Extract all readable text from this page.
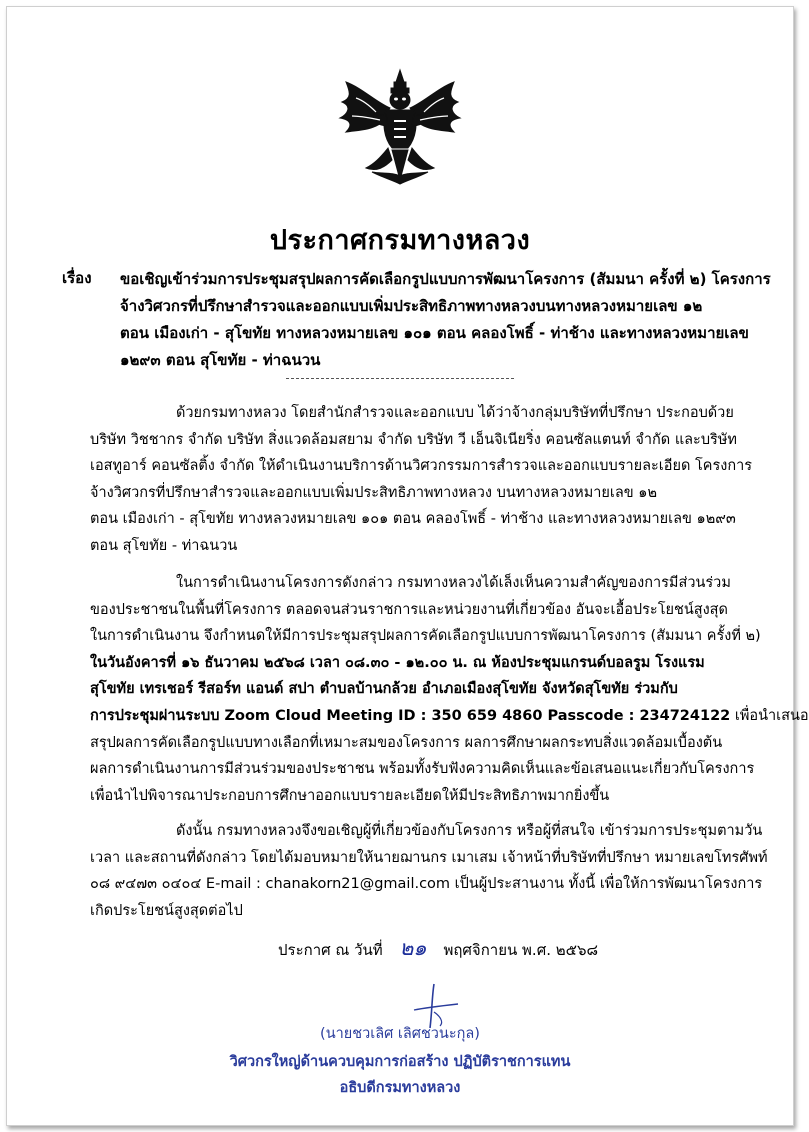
ประกาศกรมทางหลวง
เรื่อง ขอเชิญเข้าร่วมการประชุมสรุปผลการคัดเลือกรูปแบบการพัฒนาโครงการ (สัมมนา ครั้งที่ ๒) โครงการ
จ้างวิศวกรที่ปรึกษาสำรวจและออกแบบเพิ่มประสิทธิภาพทางหลวงบนทางหลวงหมายเลข ๑๒
ตอน เมืองเก่า - สุโขทัย ทางหลวงหมายเลข ๑๐๑ ตอน คลองโพธิ์ - ท่าช้าง และทางหลวงหมายเลข
๑๒๙๓ ตอน สุโขทัย - ท่าฉนวน
ด้วยกรมทางหลวง โดยสำนักสำรวจและออกแบบ ได้ว่าจ้างกลุ่มบริษัทที่ปรึกษา ประกอบด้วย
บริษัท วิชชากร จำกัด บริษัท สิ่งแวดล้อมสยาม จำกัด บริษัท วี เอ็นจิเนียริ่ง คอนซัลแตนท์ จำกัด และบริษัท
เอสทูอาร์ คอนซัลติ้ง จำกัด ให้ดำเนินงานบริการด้านวิศวกรรมการสำรวจและออกแบบรายละเอียด โครงการ
จ้างวิศวกรที่ปรึกษาสำรวจและออกแบบเพิ่มประสิทธิภาพทางหลวง บนทางหลวงหมายเลข ๑๒
ตอน เมืองเก่า - สุโขทัย ทางหลวงหมายเลข ๑๐๑ ตอน คลองโพธิ์ - ท่าช้าง และทางหลวงหมายเลข ๑๒๙๓
ตอน สุโขทัย - ท่าฉนวน
ในการดำเนินงานโครงการดังกล่าว กรมทางหลวงได้เล็งเห็นความสำคัญของการมีส่วนร่วม
ของประชาชนในพื้นที่โครงการ ตลอดจนส่วนราชการและหน่วยงานที่เกี่ยวข้อง อันจะเอื้อประโยชน์สูงสุด
ในการดำเนินงาน จึงกำหนดให้มีการประชุมสรุปผลการคัดเลือกรูปแบบการพัฒนาโครงการ (สัมมนา ครั้งที่ ๒)
ในวันอังคารที่ ๑๖ ธันวาคม ๒๕๖๘ เวลา ๐๘.๓๐ - ๑๒.๐๐ น. ณ ห้องประชุมแกรนด์บอลรูม โรงแรม
สุโขทัย เทรเชอร์ รีสอร์ท แอนด์ สปา ตำบลบ้านกล้วย อำเภอเมืองสุโขทัย จังหวัดสุโขทัย ร่วมกับ
การประชุมผ่านระบบ Zoom Cloud Meeting ID : 350 659 4860 Passcode : 234724122 เพื่อนำเสนอ
สรุปผลการคัดเลือกรูปแบบทางเลือกที่เหมาะสมของโครงการ ผลการศึกษาผลกระทบสิ่งแวดล้อมเบื้องต้น
ผลการดำเนินงานการมีส่วนร่วมของประชาชน พร้อมทั้งรับฟังความคิดเห็นและข้อเสนอแนะเกี่ยวกับโครงการ
เพื่อนำไปพิจารณาประกอบการศึกษาออกแบบรายละเอียดให้มีประสิทธิภาพมากยิ่งขึ้น
ดังนั้น กรมทางหลวงจึงขอเชิญผู้ที่เกี่ยวข้องกับโครงการ หรือผู้ที่สนใจ เข้าร่วมการประชุมตามวัน
เวลา และสถานที่ดังกล่าว โดยได้มอบหมายให้นายฌานกร เมาเสม เจ้าหน้าที่บริษัทที่ปรึกษา หมายเลขโทรศัพท์
๐๘ ๙๔๗๓ ๐๔๐๔ E-mail : chanakorn21@gmail.com เป็นผู้ประสานงาน ทั้งนี้ เพื่อให้การพัฒนาโครงการ
เกิดประโยชน์สูงสุดต่อไป
ประกาศ ณ วันที่ ๒๑ พฤศจิกายน พ.ศ. ๒๕๖๘
(นายชวเลิศ เลิศชวนะกุล)
วิศวกรใหญ่ด้านควบคุมการก่อสร้าง ปฏิบัติราชการแทน
อธิบดีกรมทางหลวง
